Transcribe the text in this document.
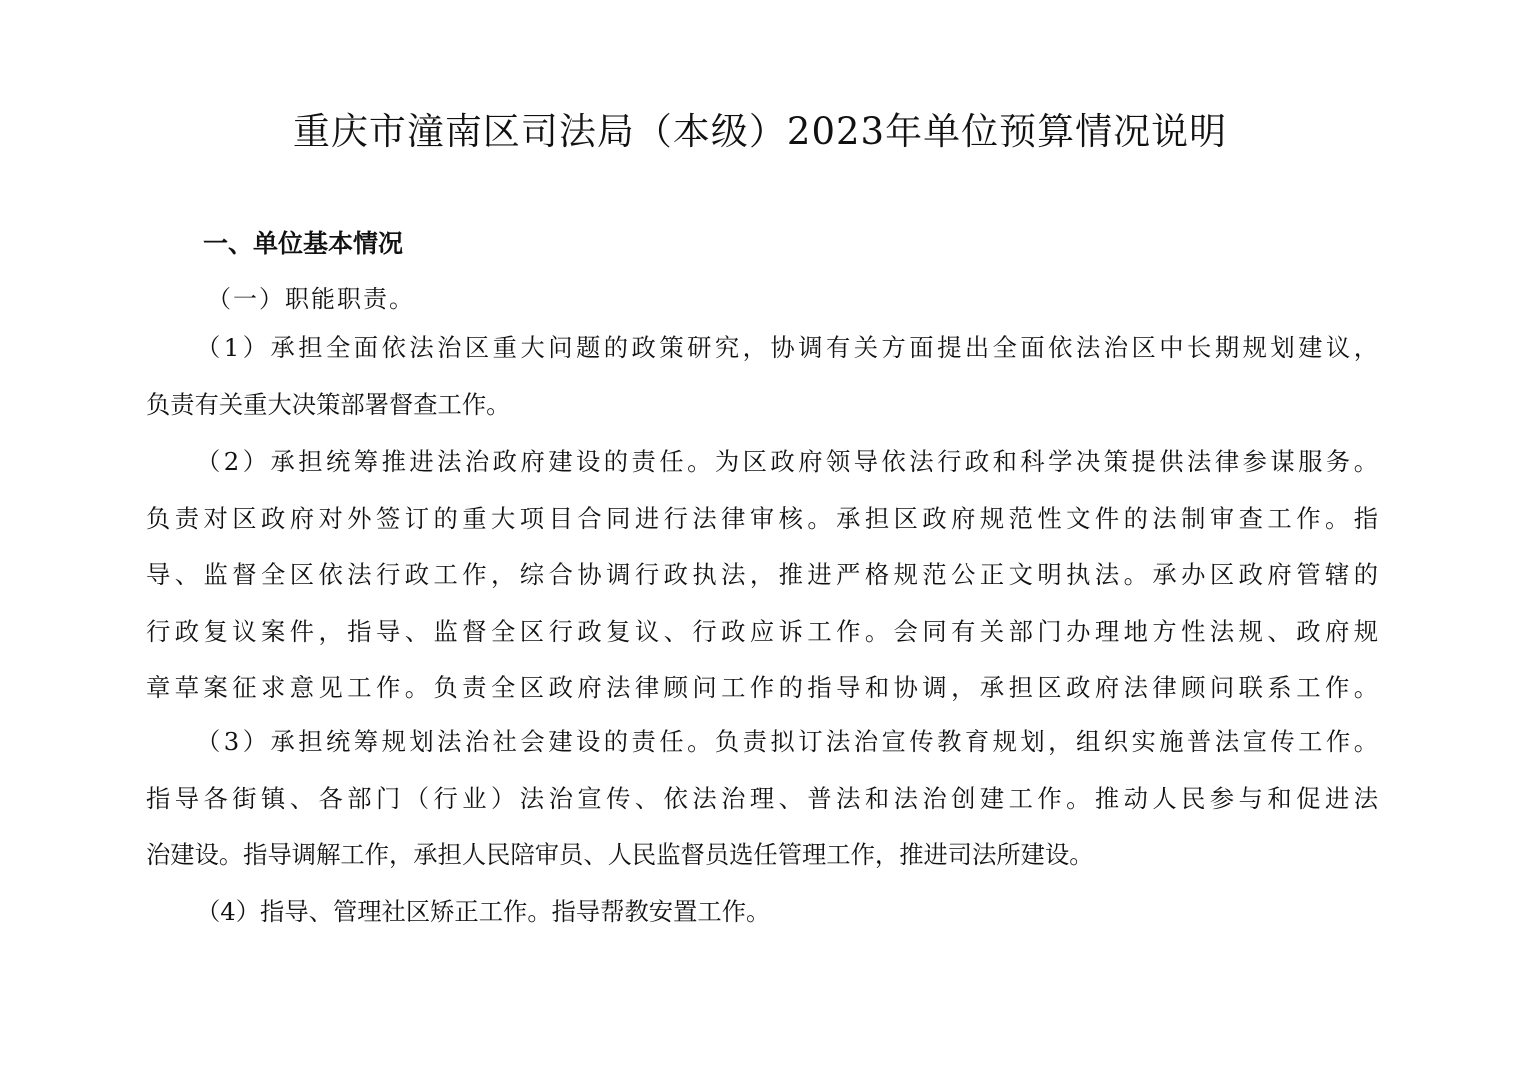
重庆市潼南区司法局（本级）2023年单位预算情况说明
一、单位基本情况

（一）职能职责。

（1）承担全面依法治区重大问题的政策研究，协调有关方面提出全面依法治区中长期规划建议，
负责有关重大决策部署督查工作。

（2）承担统筹推进法治政府建设的责任。为区政府领导依法行政和科学决策提供法律参谋服务。
负责对区政府对外签订的重大项目合同进行法律审核。承担区政府规范性文件的法制审查工作。指
导、监督全区依法行政工作，综合协调行政执法，推进严格规范公正文明执法。承办区政府管辖的
行政复议案件，指导、监督全区行政复议、行政应诉工作。会同有关部门办理地方性法规、政府规
章草案征求意见工作。负责全区政府法律顾问工作的指导和协调，承担区政府法律顾问联系工作。

（3）承担统筹规划法治社会建设的责任。负责拟订法治宣传教育规划，组织实施普法宣传工作。
指导各街镇、各部门（行业）法治宣传、依法治理、普法和法治创建工作。推动人民参与和促进法
治建设。指导调解工作，承担人民陪审员、人民监督员选任管理工作，推进司法所建设。

（4）指导、管理社区矫正工作。指导帮教安置工作。
